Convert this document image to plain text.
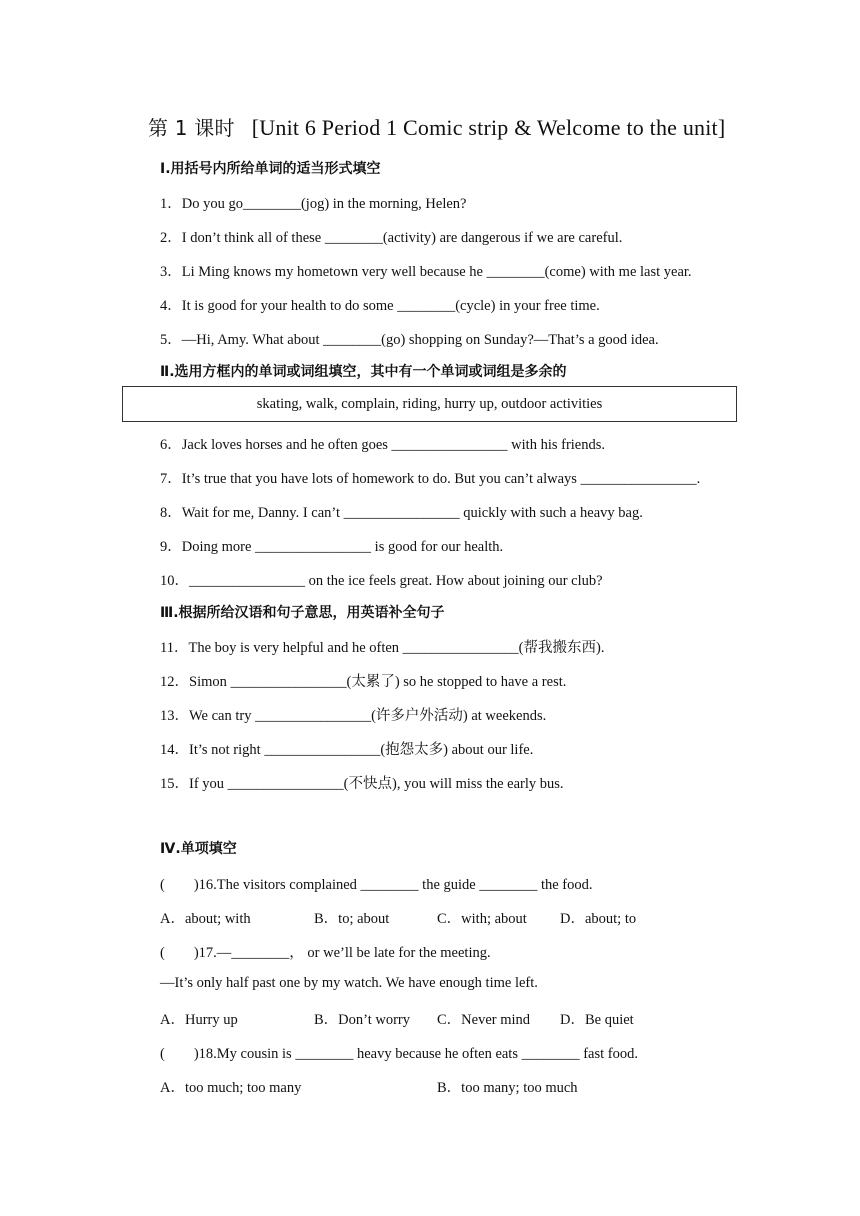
第 1 课时 [Unit 6 Period 1 Comic strip & Welcome to the unit]
Ⅰ.用括号内所给单词的适当形式填空
1．Do you go________(jog) in the morning, Helen?
2．I don’t think all of these ________(activity) are dangerous if we are careful.
3．Li Ming knows my hometown very well because he ________(come) with me last year.
4．It is good for your health to do some ________(cycle) in your free time.
5．—Hi, Amy. What about ________(go) shopping on Sunday?—That’s a good idea.
Ⅱ.选用方框内的单词或词组填空，其中有一个单词或词组是多余的
skating, walk, complain, riding, hurry up, outdoor activities
6．Jack loves horses and he often goes ________________ with his friends.
7．It’s true that you have lots of homework to do. But you can’t always ________________.
8．Wait for me, Danny. I can’t ________________ quickly with such a heavy bag.
9．Doing more ________________ is good for our health.
10．________________ on the ice feels great. How about joining our club?
Ⅲ.根据所给汉语和句子意思，用英语补全句子
11．The boy is very helpful and he often ________________(帮我搬东西).
12．Simon ________________(太累了) so he stopped to have a rest.
13．We can try ________________(许多户外活动) at weekends.
14．It’s not right ________________(抱怨太多) about our life.
15．If you ________________(不快点), you will miss the early bus.
Ⅳ.单项填空
(　　)16.The visitors complained ________ the guide ________ the food.
A．about; with	B．to; about	C．with; about D．about; to
(　　)17.—________， or we’ll be late for the meeting.
—It’s only half past one by my watch. We have enough time left.
A．Hurry up	B．Don’t worry C．Never mind D．Be quiet
(　　)18.My cousin is ________ heavy because he often eats ________ fast food.
A．too much; too many	B．too many; too much
